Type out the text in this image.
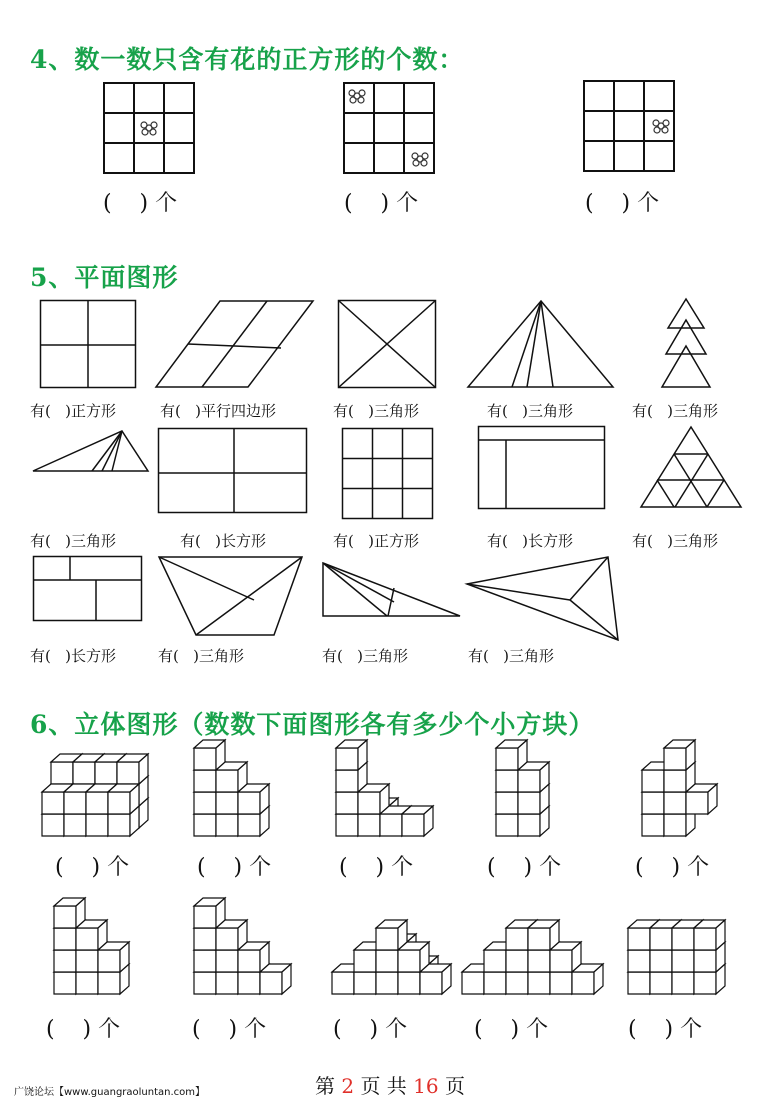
4、数一数只含有花的正方形的个数：
(    ) 个	(    ) 个	(    ) 个
5、平面图形
有(   )正方形	有(   )平行四边形	有(   )三角形	有(   )三角形	有(   )三角形
有(   )三角形	有(   )长方形	有(   )正方形	有(   )长方形	有(   )三角形
有(   )长方形	有(   )三角形	有(   )三角形	有(   )三角形
6、立体图形（数数下面图形各有多少个小方块）
(    ) 个	(    ) 个	(    ) 个	(    ) 个	(    ) 个
(    ) 个	(    ) 个	(    ) 个	(    ) 个	(    ) 个
第 2 页 共 16 页
广饶论坛【www.guangraoluntan.com】
